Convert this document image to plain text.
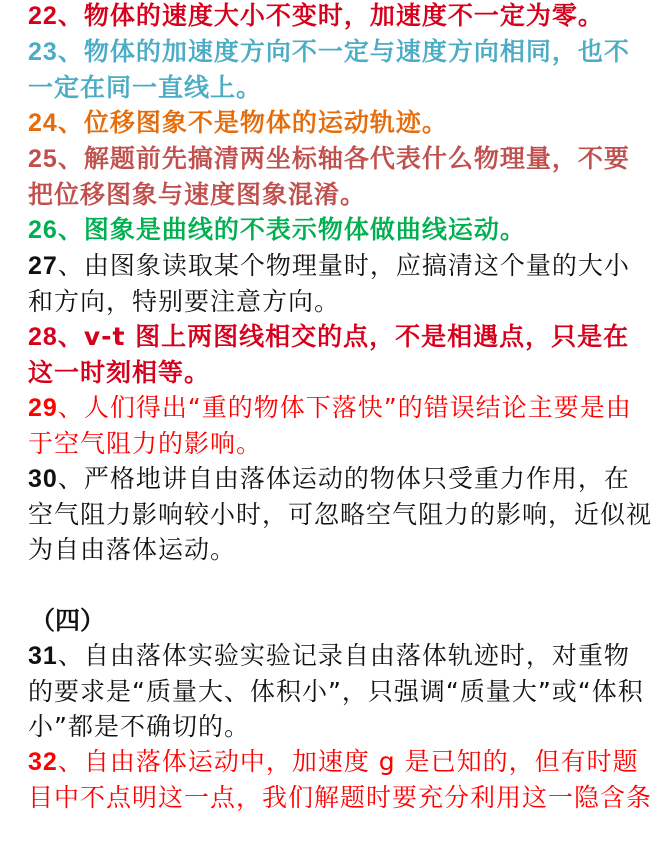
22、物体的速度大小不变时，加速度不一定为零。

23、物体的加速度方向不一定与速度方向相同，也不一定在同一直线上。

24、位移图象不是物体的运动轨迹。

25、解题前先搞清两坐标轴各代表什么物理量，不要把位移图象与速度图象混淆。

26、图象是曲线的不表示物体做曲线运动。

27、由图象读取某个物理量时，应搞清这个量的大小和方向，特别要注意方向。

28、v-t 图上两图线相交的点，不是相遇点，只是在这一时刻相等。

29、人们得出“重的物体下落快”的错误结论主要是由于空气阻力的影响。

30、严格地讲自由落体运动的物体只受重力作用，在空气阻力影响较小时，可忽略空气阻力的影响，近似视为自由落体运动。

（四）

31、自由落体实验实验记录自由落体轨迹时，对重物的要求是“质量大、体积小”，只强调“质量大”或“体积小”都是不确切的。

32、自由落体运动中，加速度 g 是已知的，但有时题目中不点明这一点，我们解题时要充分利用这一隐含条
